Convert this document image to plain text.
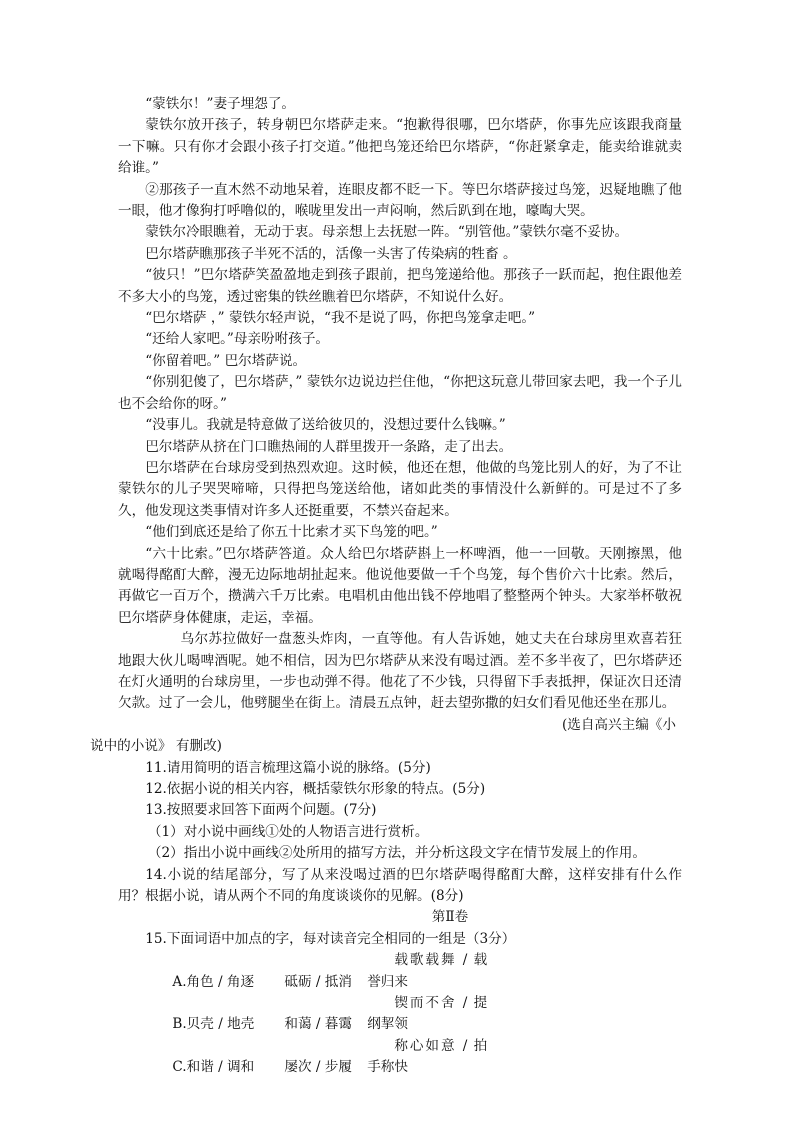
“蒙铁尔！”妻子埋怨了。

蒙铁尔放开孩子，转身朝巴尔塔萨走来。“抱歉得很哪，巴尔塔萨，你事先应该跟我商量一下嘛。只有你才会跟小孩子打交道。”他把鸟笼还给巴尔塔萨，“你赶紧拿走，能卖给谁就卖给谁。”

②那孩子一直木然不动地呆着，连眼皮都不眨一下。等巴尔塔萨接过鸟笼，迟疑地瞧了他一眼，他才像狗打呼噜似的，喉咙里发出一声闷响，然后趴到在地，嚎啕大哭。

蒙铁尔冷眼瞧着，无动于衷。母亲想上去抚慰一阵。“别管他。”蒙铁尔毫不妥协。

巴尔塔萨瞧那孩子半死不活的，活像一头害了传染病的牲畜 。

“彼只！”巴尔塔萨笑盈盈地走到孩子跟前，把鸟笼递给他。那孩子一跃而起，抱住跟他差不多大小的鸟笼，透过密集的铁丝瞧着巴尔塔萨，不知说什么好。

“巴尔塔萨 ，” 蒙铁尔轻声说，“我不是说了吗，你把鸟笼拿走吧。”

“还给人家吧。”母亲吩咐孩子。

“你留着吧。” 巴尔塔萨说。

“你别犯傻了，巴尔塔萨，” 蒙铁尔边说边拦住他，“你把这玩意儿带回家去吧，我一个子儿也不会给你的呀。”

“没事儿。我就是特意做了送给彼贝的，没想过要什么钱嘛。”

巴尔塔萨从挤在门口瞧热闹的人群里拨开一条路，走了出去。

巴尔塔萨在台球房受到热烈欢迎。这时候，他还在想，他做的鸟笼比别人的好，为了不让蒙铁尔的儿子哭哭啼啼，只得把鸟笼送给他，诸如此类的事情没什么新鲜的。可是过不了多久，他发现这类事情对许多人还挺重要，不禁兴奋起来。

“他们到底还是给了你五十比索才买下鸟笼的吧。”

“六十比索。”巴尔塔萨答道。众人给巴尔塔萨斟上一杯啤酒，他一一回敬。天刚擦黑，他就喝得酩酊大醉，漫无边际地胡扯起来。他说他要做一千个鸟笼，每个售价六十比索。然后，再做它一百万个，攒满六千万比索。电唱机由他出钱不停地唱了整整两个钟头。大家举杯敬祝巴尔塔萨身体健康，走运，幸福。

乌尔苏拉做好一盘葱头炸肉，一直等他。有人告诉她，她丈夫在台球房里欢喜若狂地跟大伙儿喝啤酒呢。她不相信，因为巴尔塔萨从来没有喝过酒。差不多半夜了，巴尔塔萨还在灯火通明的台球房里，一步也动弹不得。他花了不少钱，只得留下手表抵押，保证次日还清欠款。过了一会儿，他劈腿坐在街上。清晨五点钟，赶去望弥撒的妇女们看见他还坐在那儿。

(选自高兴主编《小

说中的小说》 有删改)

11.请用简明的语言梳理这篇小说的脉络。(5分)

12.依据小说的相关内容，概括蒙铁尔形象的特点。(5分)

13.按照要求回答下面两个问题。(7分)

（1）对小说中画线①处的人物语言进行赏析。

（2）指出小说中画线②处所用的描写方法，并分析这段文字在情节发展上的作用。

14.小说的结尾部分，写了从来没喝过酒的巴尔塔萨喝得酩酊大醉，这样安排有什么作用？根据小说，请从两个不同的角度谈谈你的见解。(8分)

第Ⅱ卷

15.下面词语中加点的字，每对读音完全相同的一组是（3分）

A.角色 / 角逐 砥砺 / 抵消载歌载舞 / 载誉归来

B.贝壳 / 地壳 和蔼 / 暮霭锲而不舍 / 提纲挈领

C.和谐 / 调和 屡次 / 步履称心如意 / 拍手称快
